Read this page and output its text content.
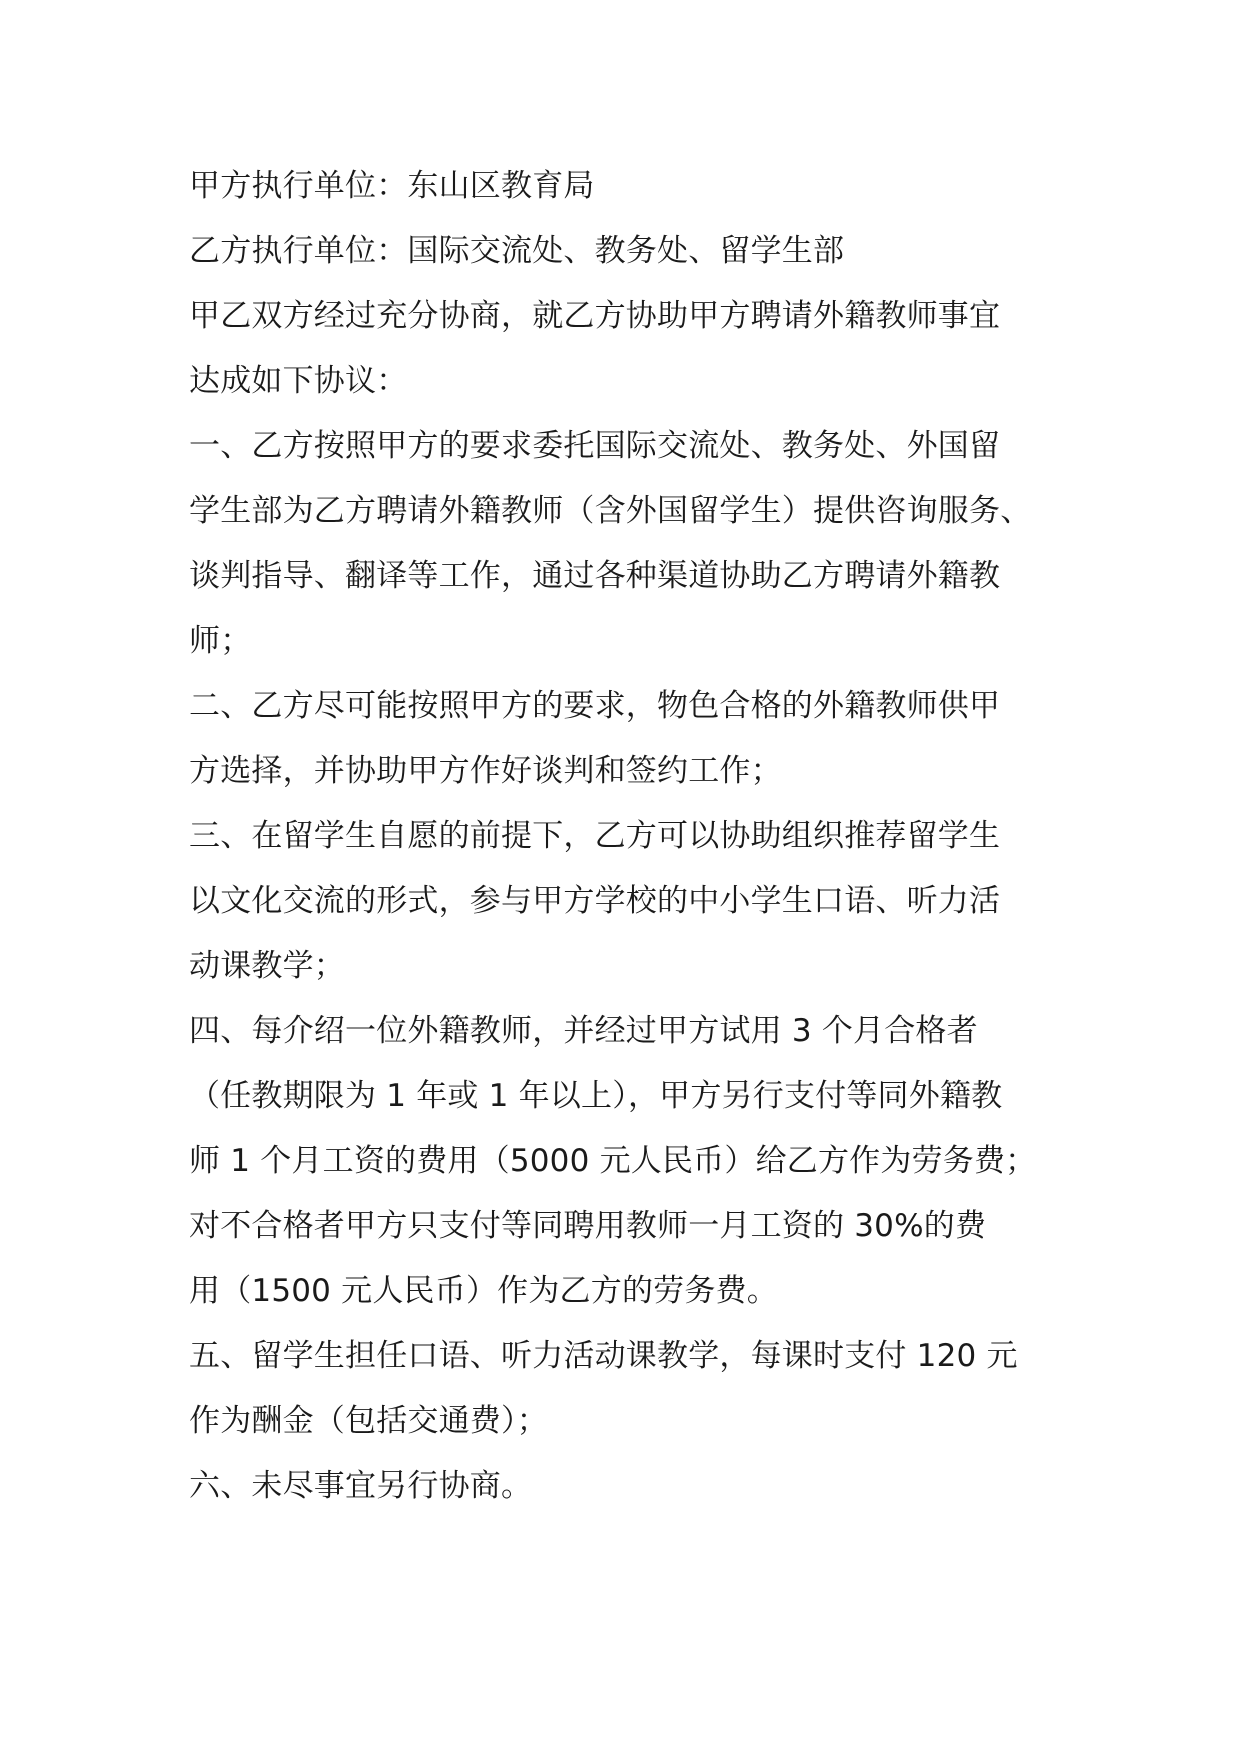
甲方执行单位：东山区教育局
乙方执行单位：国际交流处、教务处、留学生部
甲乙双方经过充分协商，就乙方协助甲方聘请外籍教师事宜
达成如下协议：
一、乙方按照甲方的要求委托国际交流处、教务处、外国留
学生部为乙方聘请外籍教师（含外国留学生）提供咨询服务、
谈判指导、翻译等工作，通过各种渠道协助乙方聘请外籍教
师；
二、乙方尽可能按照甲方的要求，物色合格的外籍教师供甲
方选择，并协助甲方作好谈判和签约工作；
三、在留学生自愿的前提下，乙方可以协助组织推荐留学生
以文化交流的形式，参与甲方学校的中小学生口语、听力活
动课教学；
四、每介绍一位外籍教师，并经过甲方试用 3 个月合格者
（任教期限为 1 年或 1 年以上），甲方另行支付等同外籍教
师 1 个月工资的费用（5000 元人民币）给乙方作为劳务费；
对不合格者甲方只支付等同聘用教师一月工资的 30%的费
用（1500 元人民币）作为乙方的劳务费。
五、留学生担任口语、听力活动课教学，每课时支付 120 元
作为酬金（包括交通费）；
六、未尽事宜另行协商。
